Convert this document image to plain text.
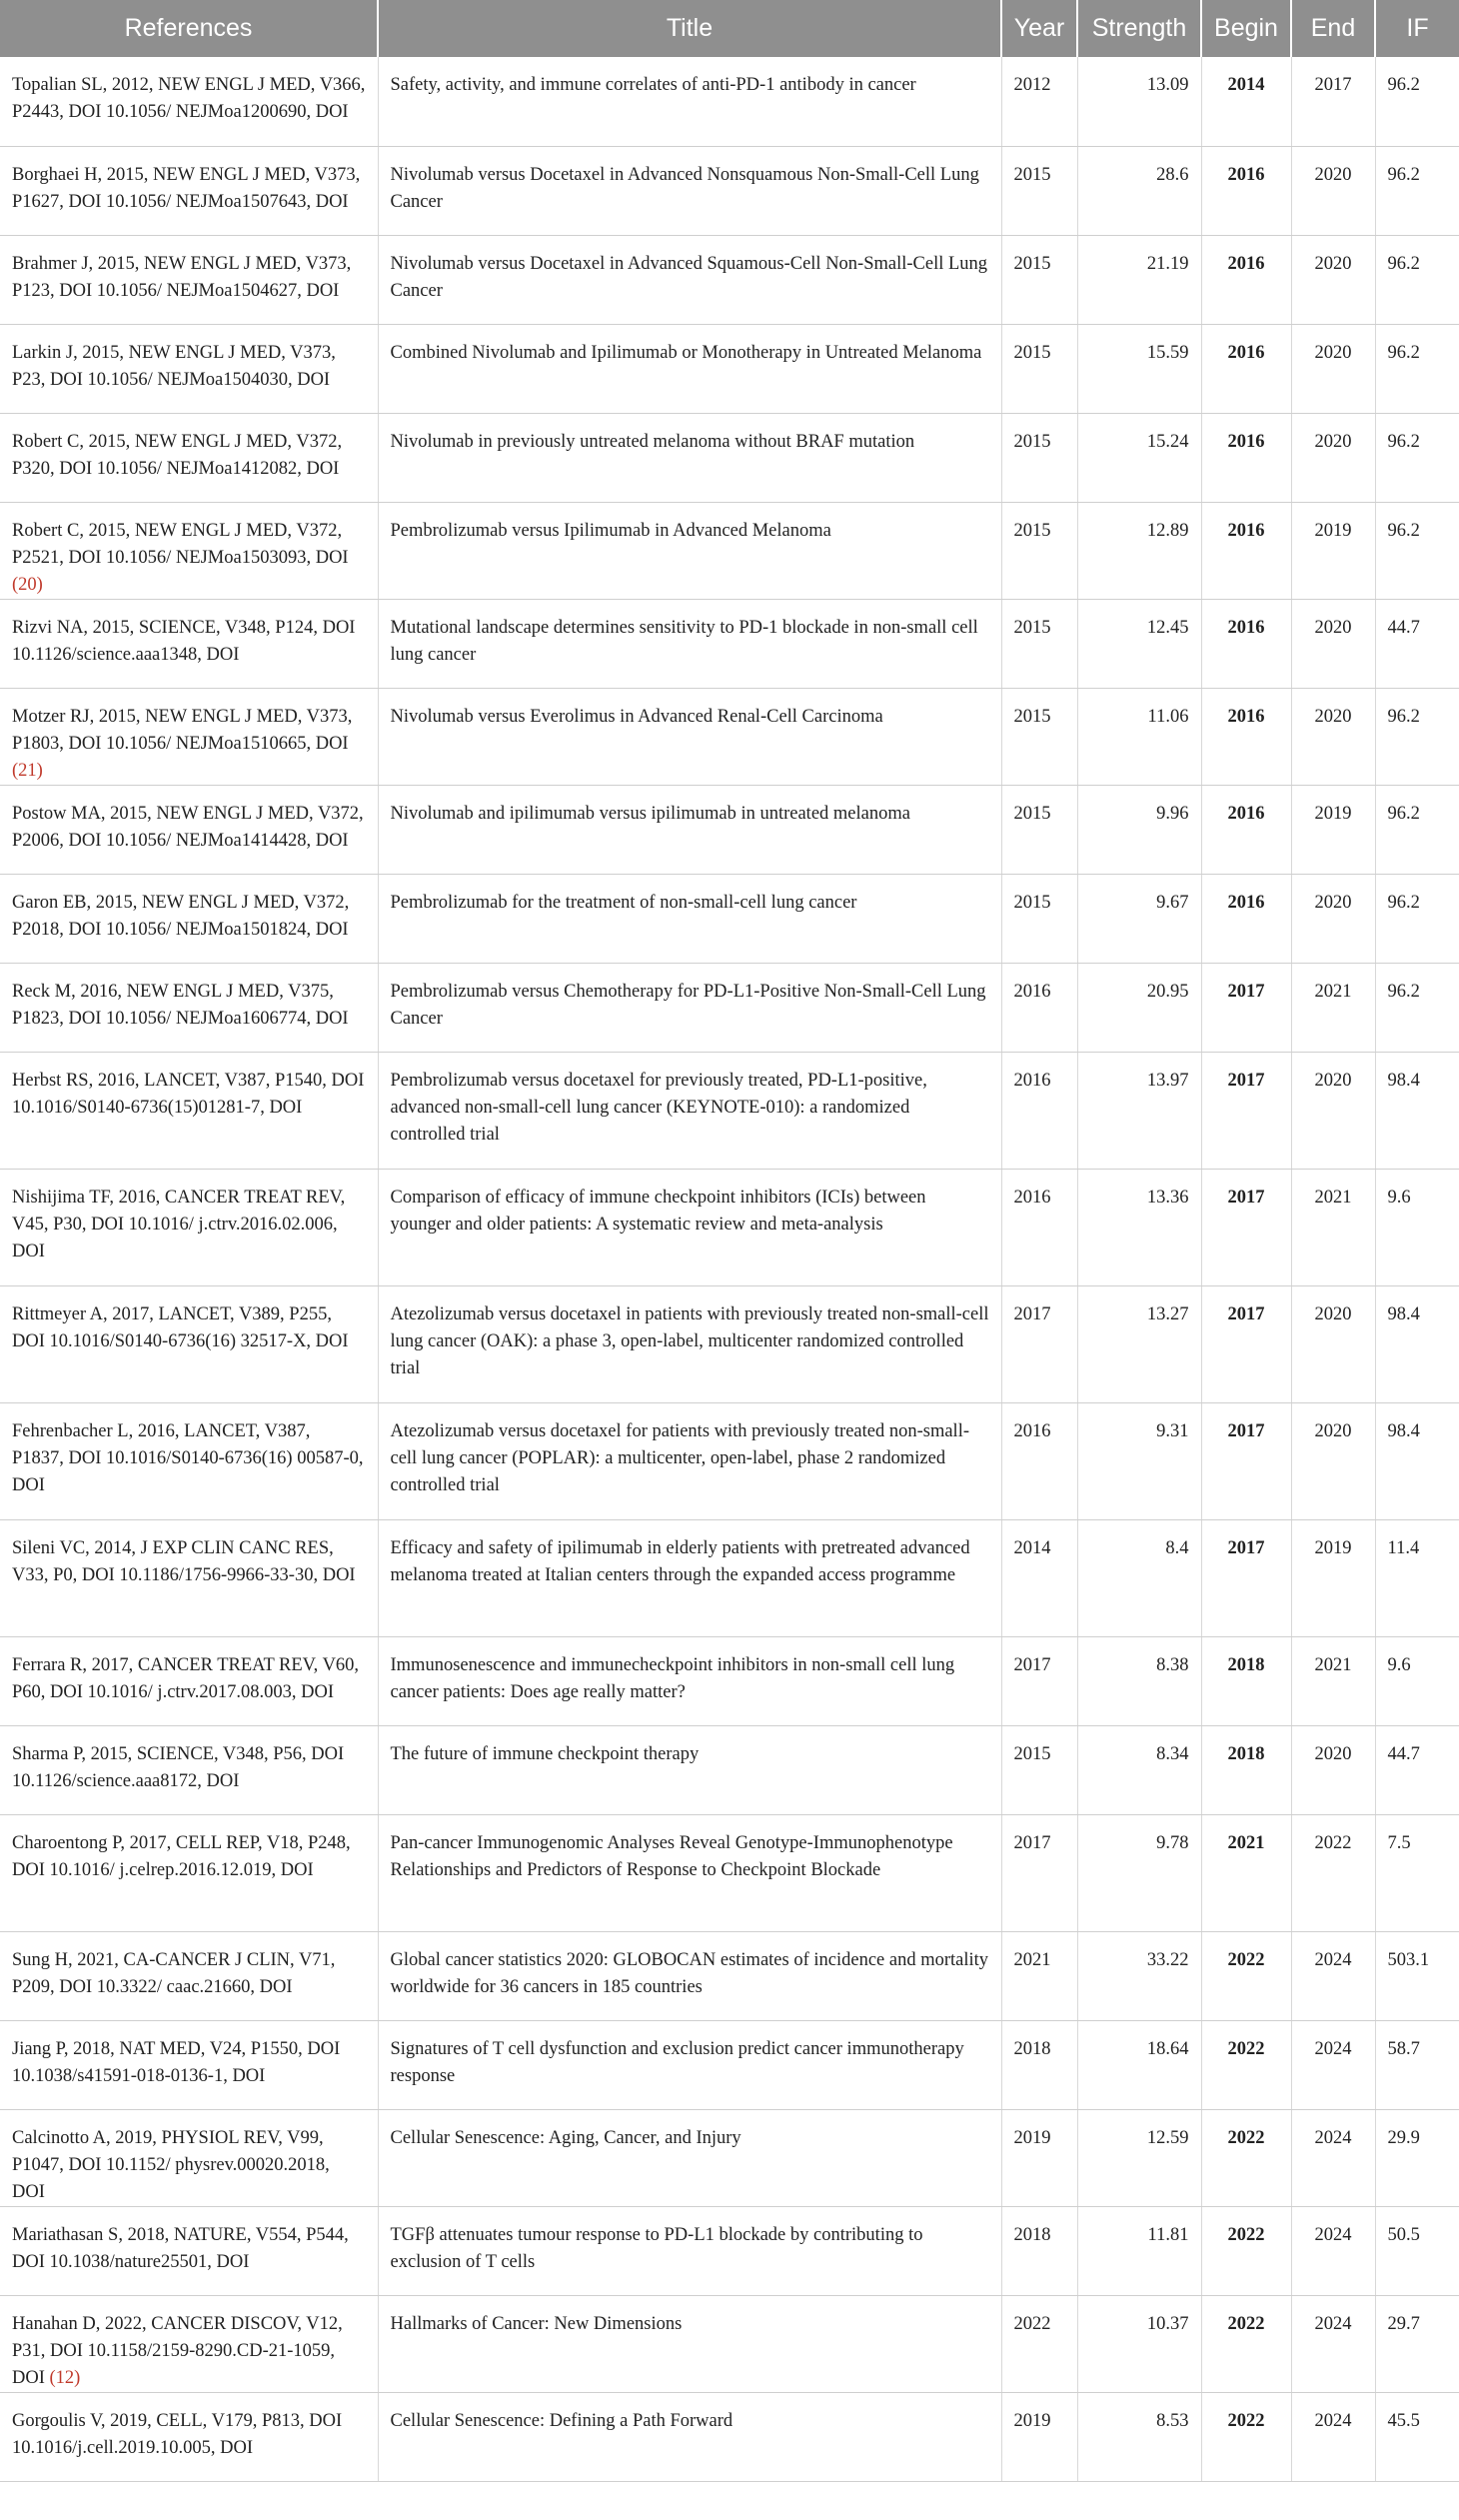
References	Title	Year	Strength	Begin	End	IF
Topalian SL, 2012, NEW ENGL J MED, V366, P2443, DOI 10.1056/ NEJMoa1200690, DOI	Safety, activity, and immune correlates of anti-PD-1 antibody in cancer	2012	13.09	2014	2017	96.2
Borghaei H, 2015, NEW ENGL J MED, V373, P1627, DOI 10.1056/ NEJMoa1507643, DOI	Nivolumab versus Docetaxel in Advanced Nonsquamous Non-Small-Cell Lung Cancer	2015	28.6	2016	2020	96.2
Brahmer J, 2015, NEW ENGL J MED, V373, P123, DOI 10.1056/ NEJMoa1504627, DOI	Nivolumab versus Docetaxel in Advanced Squamous-Cell Non-Small-Cell Lung Cancer	2015	21.19	2016	2020	96.2
Larkin J, 2015, NEW ENGL J MED, V373, P23, DOI 10.1056/ NEJMoa1504030, DOI	Combined Nivolumab and Ipilimumab or Monotherapy in Untreated Melanoma	2015	15.59	2016	2020	96.2
Robert C, 2015, NEW ENGL J MED, V372, P320, DOI 10.1056/ NEJMoa1412082, DOI	Nivolumab in previously untreated melanoma without BRAF mutation	2015	15.24	2016	2020	96.2
Robert C, 2015, NEW ENGL J MED, V372, P2521, DOI 10.1056/ NEJMoa1503093, DOI (20)	Pembrolizumab versus Ipilimumab in Advanced Melanoma	2015	12.89	2016	2019	96.2
Rizvi NA, 2015, SCIENCE, V348, P124, DOI 10.1126/science.aaa1348, DOI	Mutational landscape determines sensitivity to PD-1 blockade in non-small cell lung cancer	2015	12.45	2016	2020	44.7
Motzer RJ, 2015, NEW ENGL J MED, V373, P1803, DOI 10.1056/ NEJMoa1510665, DOI (21)	Nivolumab versus Everolimus in Advanced Renal-Cell Carcinoma	2015	11.06	2016	2020	96.2
Postow MA, 2015, NEW ENGL J MED, V372, P2006, DOI 10.1056/ NEJMoa1414428, DOI	Nivolumab and ipilimumab versus ipilimumab in untreated melanoma	2015	9.96	2016	2019	96.2
Garon EB, 2015, NEW ENGL J MED, V372, P2018, DOI 10.1056/ NEJMoa1501824, DOI	Pembrolizumab for the treatment of non-small-cell lung cancer	2015	9.67	2016	2020	96.2
Reck M, 2016, NEW ENGL J MED, V375, P1823, DOI 10.1056/ NEJMoa1606774, DOI	Pembrolizumab versus Chemotherapy for PD-L1-Positive Non-Small-Cell Lung Cancer	2016	20.95	2017	2021	96.2
Herbst RS, 2016, LANCET, V387, P1540, DOI 10.1016/S0140-6736(15)01281-7, DOI	Pembrolizumab versus docetaxel for previously treated, PD-L1-positive, advanced non-small-cell lung cancer (KEYNOTE-010): a randomized controlled trial	2016	13.97	2017	2020	98.4
Nishijima TF, 2016, CANCER TREAT REV, V45, P30, DOI 10.1016/ j.ctrv.2016.02.006, DOI	Comparison of efficacy of immune checkpoint inhibitors (ICIs) between younger and older patients: A systematic review and meta-analysis	2016	13.36	2017	2021	9.6
Rittmeyer A, 2017, LANCET, V389, P255, DOI 10.1016/S0140-6736(16) 32517-X, DOI	Atezolizumab versus docetaxel in patients with previously treated non-small-cell lung cancer (OAK): a phase 3, open-label, multicenter randomized controlled trial	2017	13.27	2017	2020	98.4
Fehrenbacher L, 2016, LANCET, V387, P1837, DOI 10.1016/S0140-6736(16) 00587-0, DOI	Atezolizumab versus docetaxel for patients with previously treated non-small-cell lung cancer (POPLAR): a multicenter, open-label, phase 2 randomized controlled trial	2016	9.31	2017	2020	98.4
Sileni VC, 2014, J EXP CLIN CANC RES, V33, P0, DOI 10.1186/1756-9966-33-30, DOI	Efficacy and safety of ipilimumab in elderly patients with pretreated advanced melanoma treated at Italian centers through the expanded access programme	2014	8.4	2017	2019	11.4
Ferrara R, 2017, CANCER TREAT REV, V60, P60, DOI 10.1016/ j.ctrv.2017.08.003, DOI	Immunosenescence and immunecheckpoint inhibitors in non-small cell lung cancer patients: Does age really matter?	2017	8.38	2018	2021	9.6
Sharma P, 2015, SCIENCE, V348, P56, DOI 10.1126/science.aaa8172, DOI	The future of immune checkpoint therapy	2015	8.34	2018	2020	44.7
Charoentong P, 2017, CELL REP, V18, P248, DOI 10.1016/ j.celrep.2016.12.019, DOI	Pan-cancer Immunogenomic Analyses Reveal Genotype-Immunophenotype Relationships and Predictors of Response to Checkpoint Blockade	2017	9.78	2021	2022	7.5
Sung H, 2021, CA-CANCER J CLIN, V71, P209, DOI 10.3322/ caac.21660, DOI	Global cancer statistics 2020: GLOBOCAN estimates of incidence and mortality worldwide for 36 cancers in 185 countries	2021	33.22	2022	2024	503.1
Jiang P, 2018, NAT MED, V24, P1550, DOI 10.1038/s41591-018-0136-1, DOI	Signatures of T cell dysfunction and exclusion predict cancer immunotherapy response	2018	18.64	2022	2024	58.7
Calcinotto A, 2019, PHYSIOL REV, V99, P1047, DOI 10.1152/ physrev.00020.2018, DOI	Cellular Senescence: Aging, Cancer, and Injury	2019	12.59	2022	2024	29.9
Mariathasan S, 2018, NATURE, V554, P544, DOI 10.1038/nature25501, DOI	TGFβ attenuates tumour response to PD-L1 blockade by contributing to exclusion of T cells	2018	11.81	2022	2024	50.5
Hanahan D, 2022, CANCER DISCOV, V12, P31, DOI 10.1158/2159-8290.CD-21-1059, DOI (12)	Hallmarks of Cancer: New Dimensions	2022	10.37	2022	2024	29.7
Gorgoulis V, 2019, CELL, V179, P813, DOI 10.1016/j.cell.2019.10.005, DOI	Cellular Senescence: Defining a Path Forward	2019	8.53	2022	2024	45.5
